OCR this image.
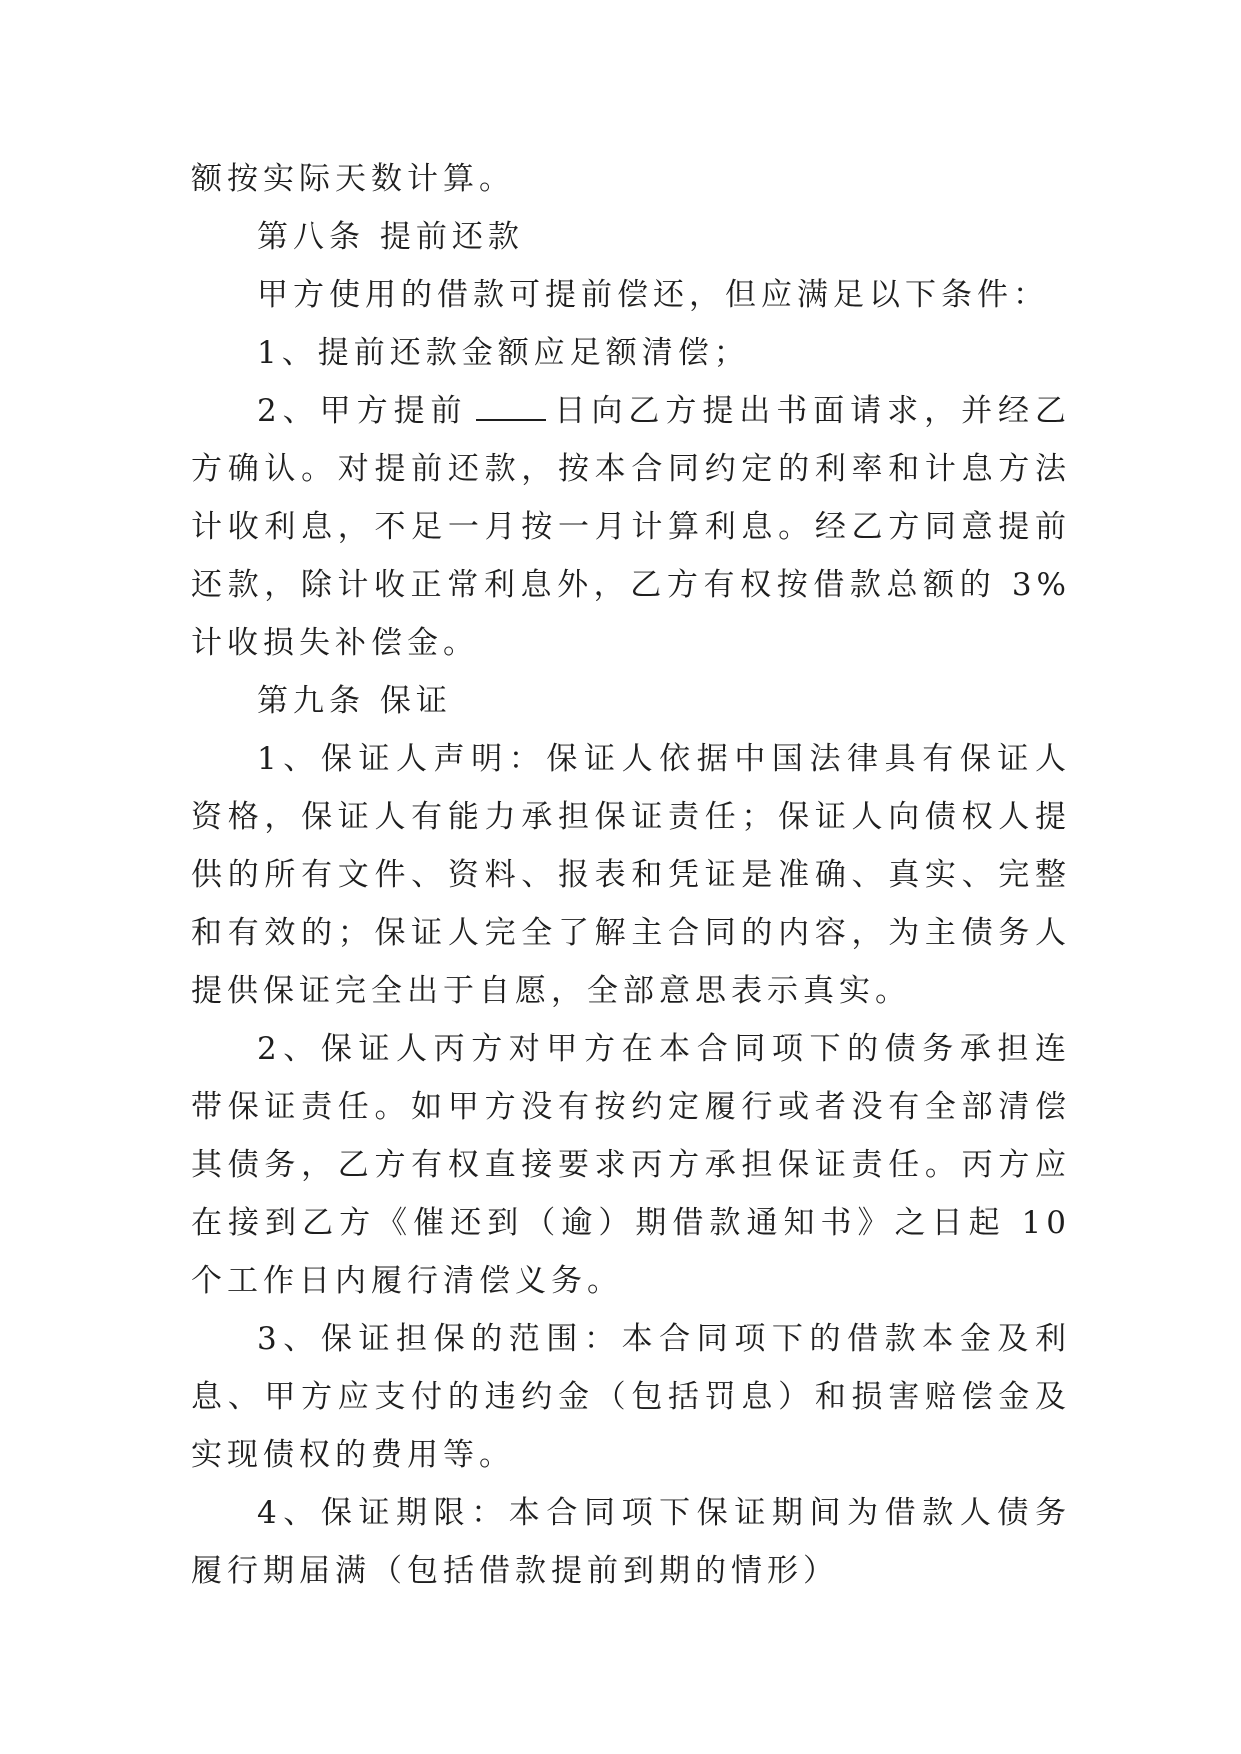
额按实际天数计算。

第八条 提前还款

甲方使用的借款可提前偿还，但应满足以下条件：

1、提前还款金额应足额清偿；

2、甲方提前	日向乙方提出书面请求，并经乙方确认。对提前还款，按本合同约定的利率和计息方法计收利息，不足一月按一月计算利息。经乙方同意提前还款，除计收正常利息外，乙方有权按借款总额的 3%计收损失补偿金。

第九条 保证

1、保证人声明：保证人依据中国法律具有保证人资格，保证人有能力承担保证责任；保证人向债权人提供的所有文件、资料、报表和凭证是准确、真实、完整和有效的；保证人完全了解主合同的内容，为主债务人提供保证完全出于自愿，全部意思表示真实。

2、保证人丙方对甲方在本合同项下的债务承担连带保证责任。如甲方没有按约定履行或者没有全部清偿其债务，乙方有权直接要求丙方承担保证责任。丙方应在接到乙方《催还到（逾）期借款通知书》之日起 10 个工作日内履行清偿义务。

3、保证担保的范围：本合同项下的借款本金及利息、甲方应支付的违约金（包括罚息）和损害赔偿金及实现债权的费用等。

4、保证期限：本合同项下保证期间为借款人债务履行期届满（包括借款提前到期的情形）
